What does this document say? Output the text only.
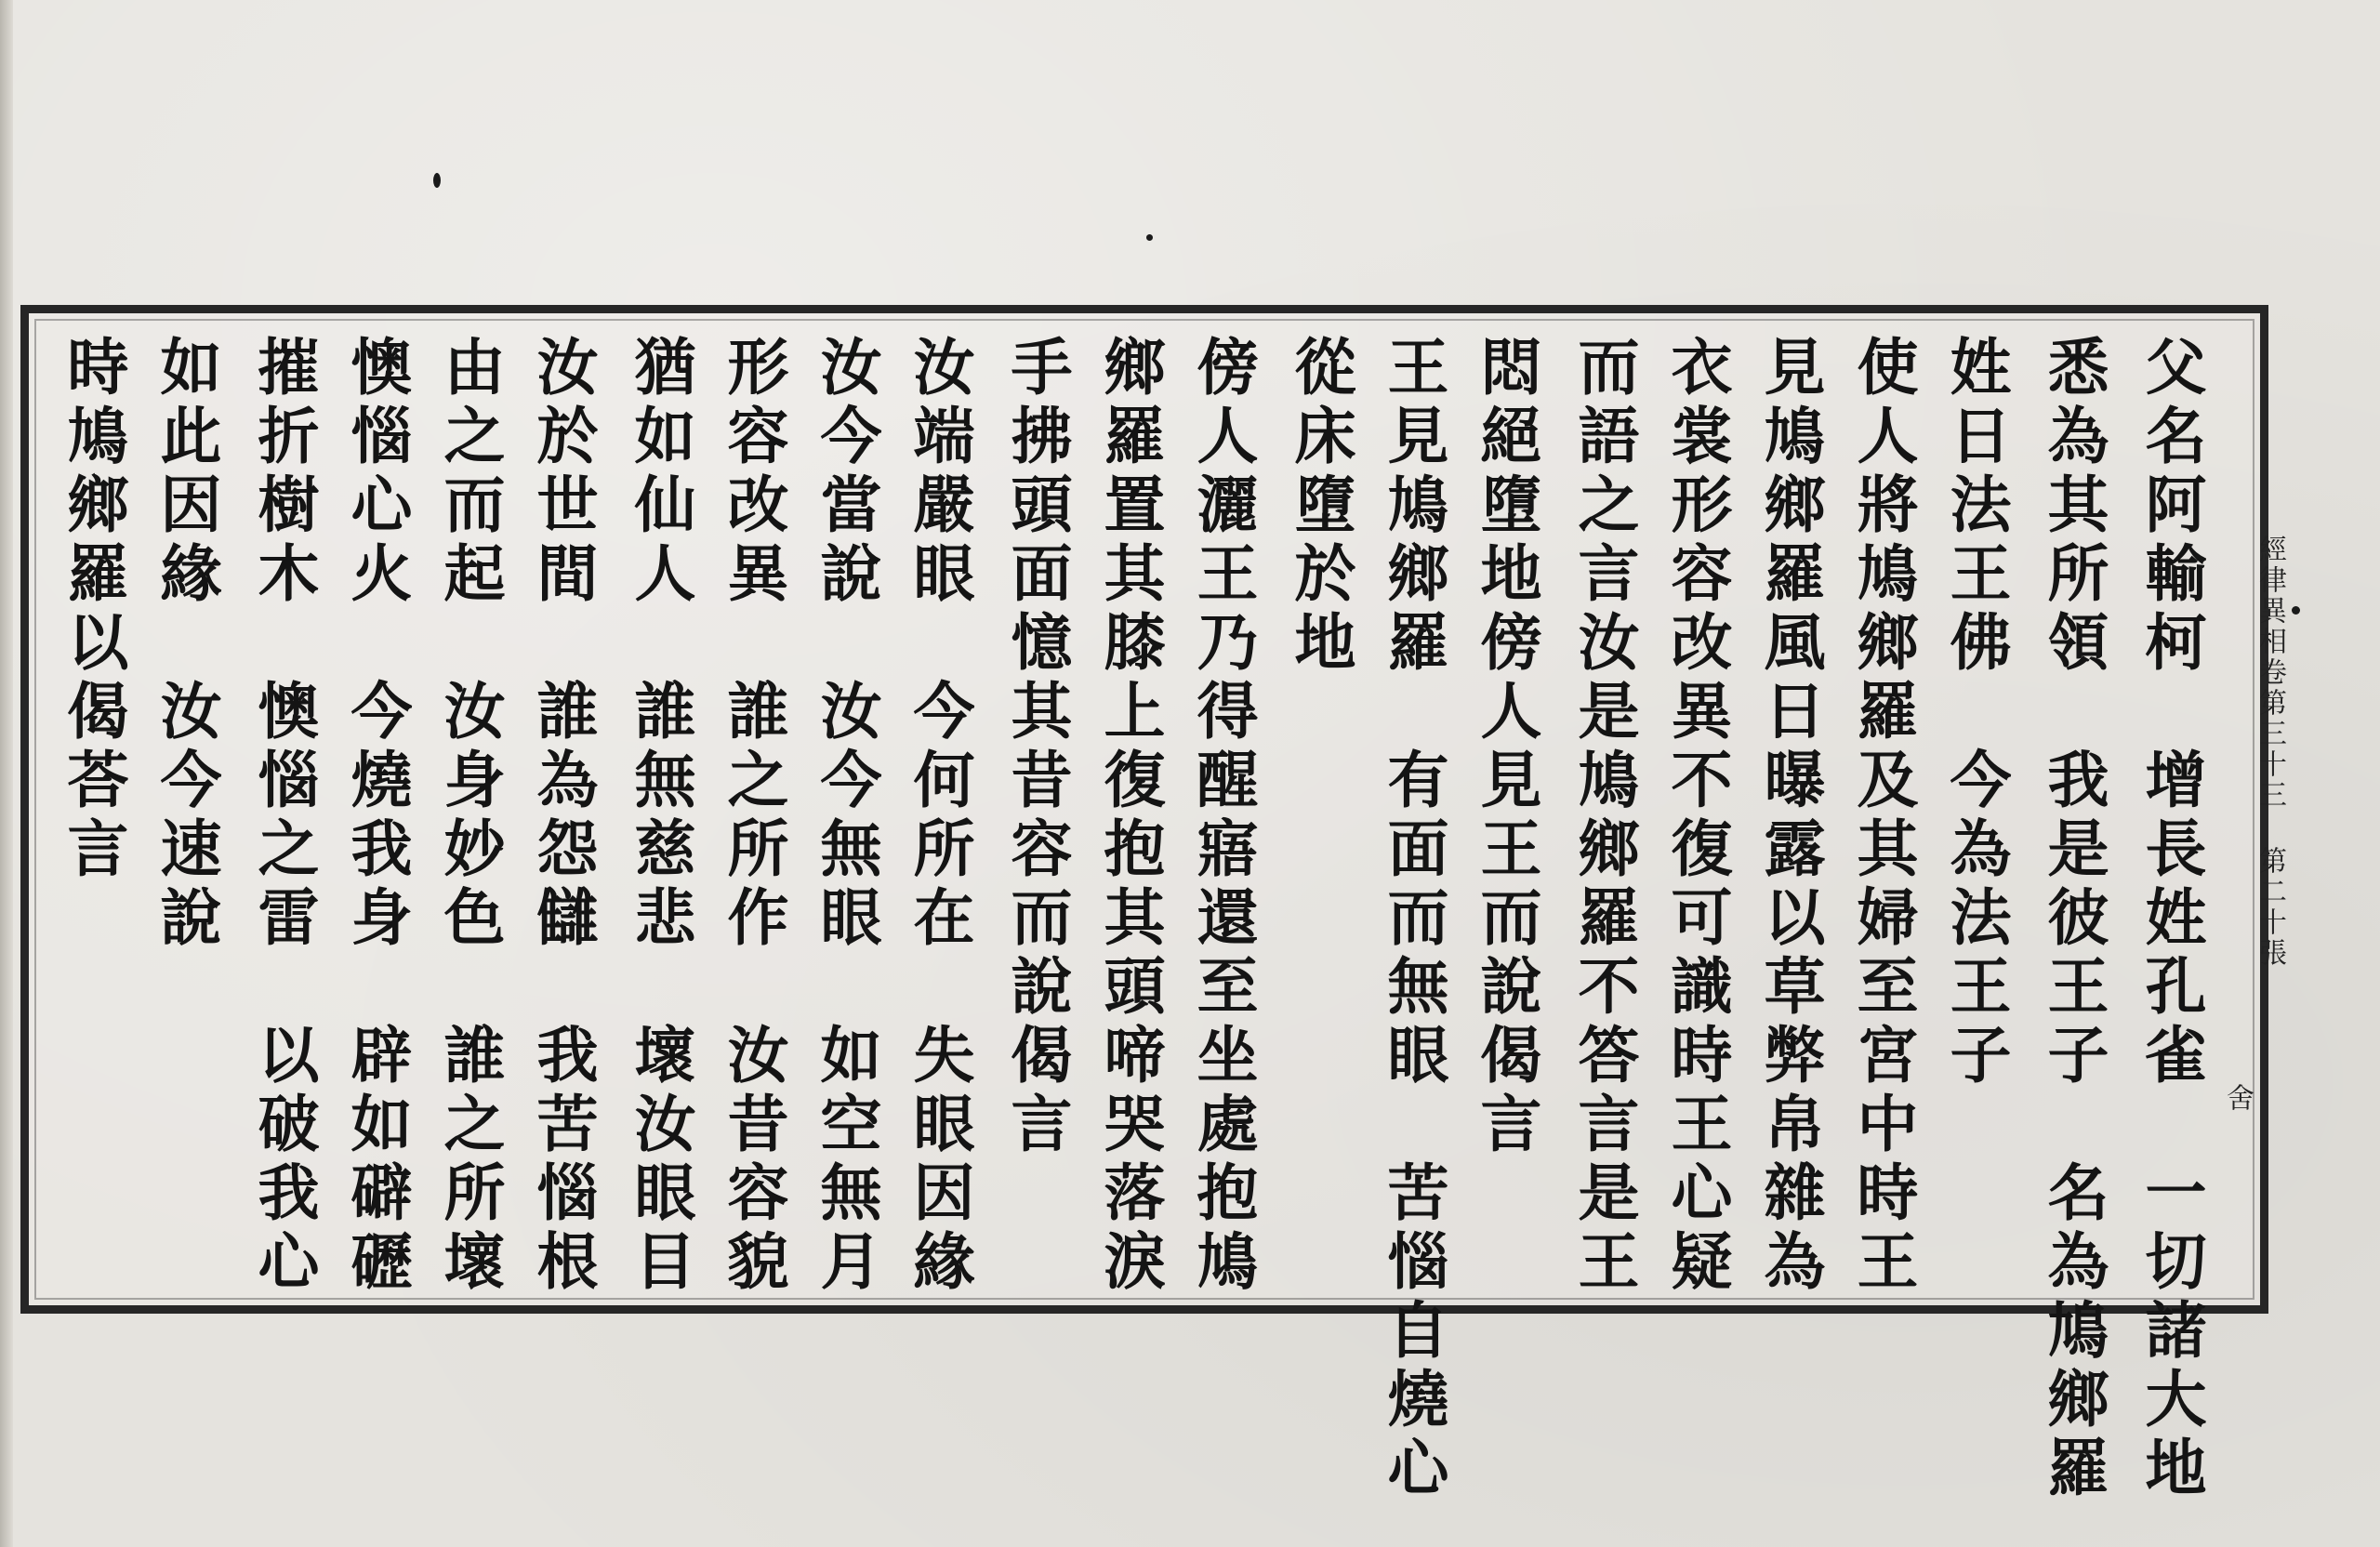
經律異相卷第三十三 第二十張
舍
父名阿輸柯　增長姓孔雀　一切諸大地
悉為其所領　我是彼王子　名為鳩鄉羅
姓日法王佛　今為法王子
使人將鳩鄉羅及其婦至宮中時王
見鳩鄉羅風日曝露以草弊帛雜為
衣裳形容改異不復可識時王心疑
而語之言汝是鳩鄉羅不答言是王
悶絕墮地傍人見王而說偈言
王見鳩鄉羅　有面而無眼　苦惱自燒心
從床墮於地
傍人灑王乃得醒寤還至坐處抱鳩
鄉羅置其膝上復抱其頭啼哭落淚
手拂頭面憶其昔容而說偈言
汝端嚴眼　今何所在　失眼因緣
汝今當說　汝今無眼　如空無月
形容改異　誰之所作　汝昔容貌
猶如仙人　誰無慈悲　壞汝眼目
汝於世間　誰為怨讎　我苦惱根
由之而起　汝身妙色　誰之所壞
懊惱心火　今燒我身　辟如礔礰
摧折樹木　懊惱之雷　以破我心
如此因緣　汝今速說
時鳩鄉羅以偈荅言
